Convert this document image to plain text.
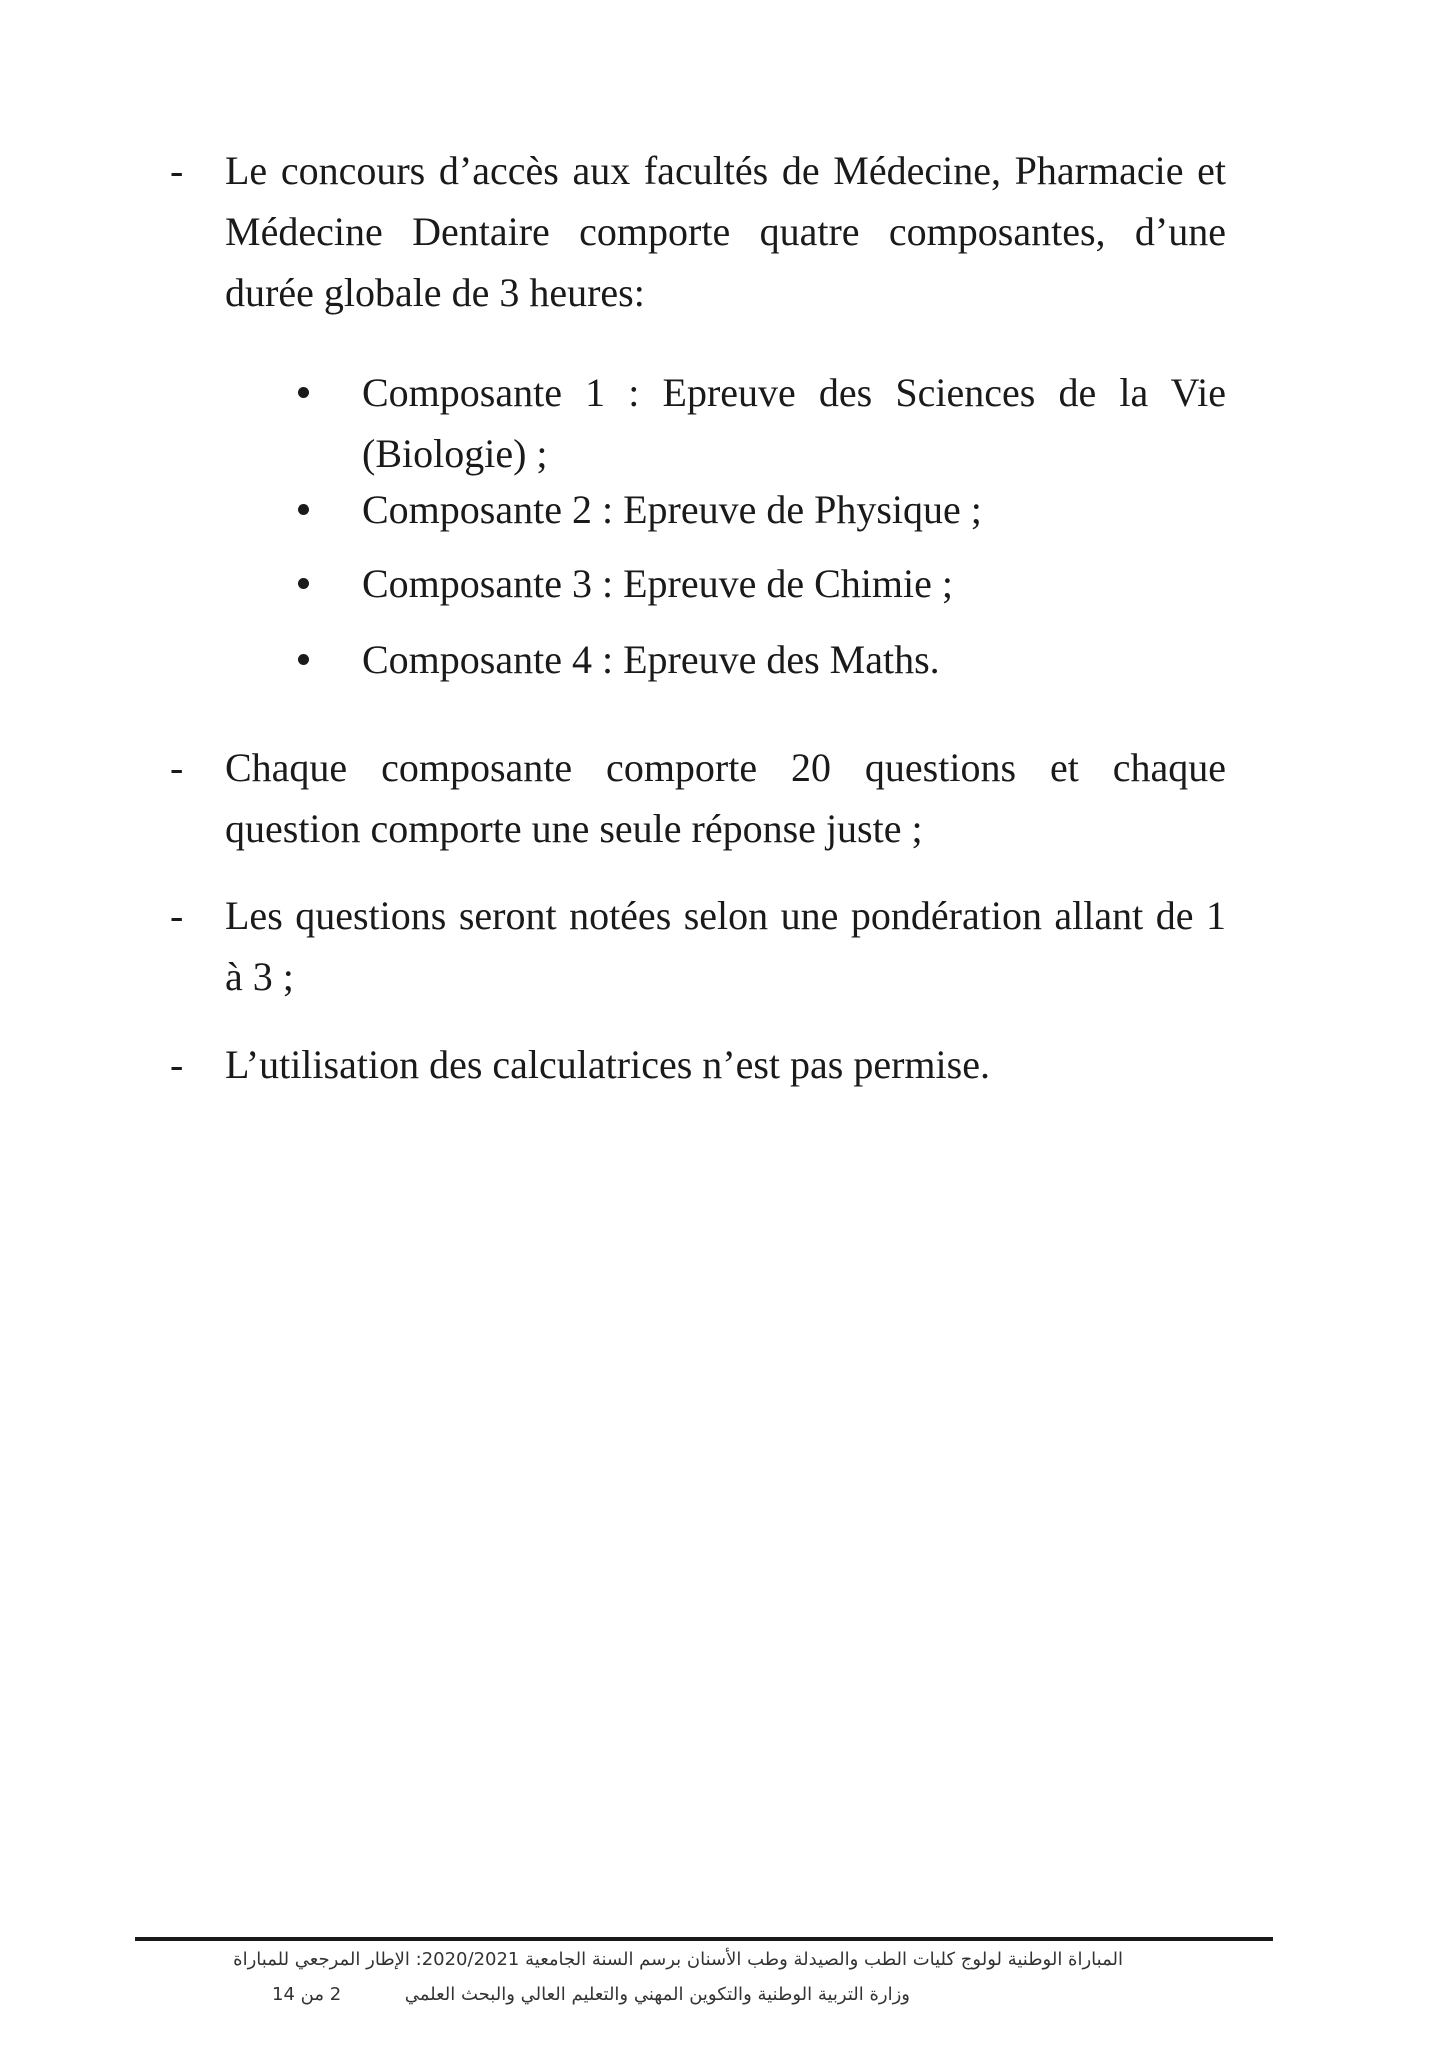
-	Le concours d’accès aux facultés de Médecine, Pharmacie et Médecine Dentaire comporte quatre composantes, d’une durée globale de 3 heures:
Composante 1 : Epreuve des Sciences de la Vie (Biologie) ;
Composante 2 : Epreuve de Physique ;
Composante 3 : Epreuve de Chimie ;
Composante 4 : Epreuve des Maths.
-	Chaque composante comporte 20 questions et chaque question comporte une seule réponse juste ;
-	Les questions seront notées selon une pondération allant de 1 à 3 ;
-	L’utilisation des calculatrices n’est pas permise.
المباراة الوطنية لولوج كليات الطب والصيدلة وطب الأسنان برسم السنة الجامعية 2020/2021: الإطار المرجعي للمباراة
وزارة التربية الوطنية والتكوين المهني والتعليم العالي والبحث العلمي
2 من 14
